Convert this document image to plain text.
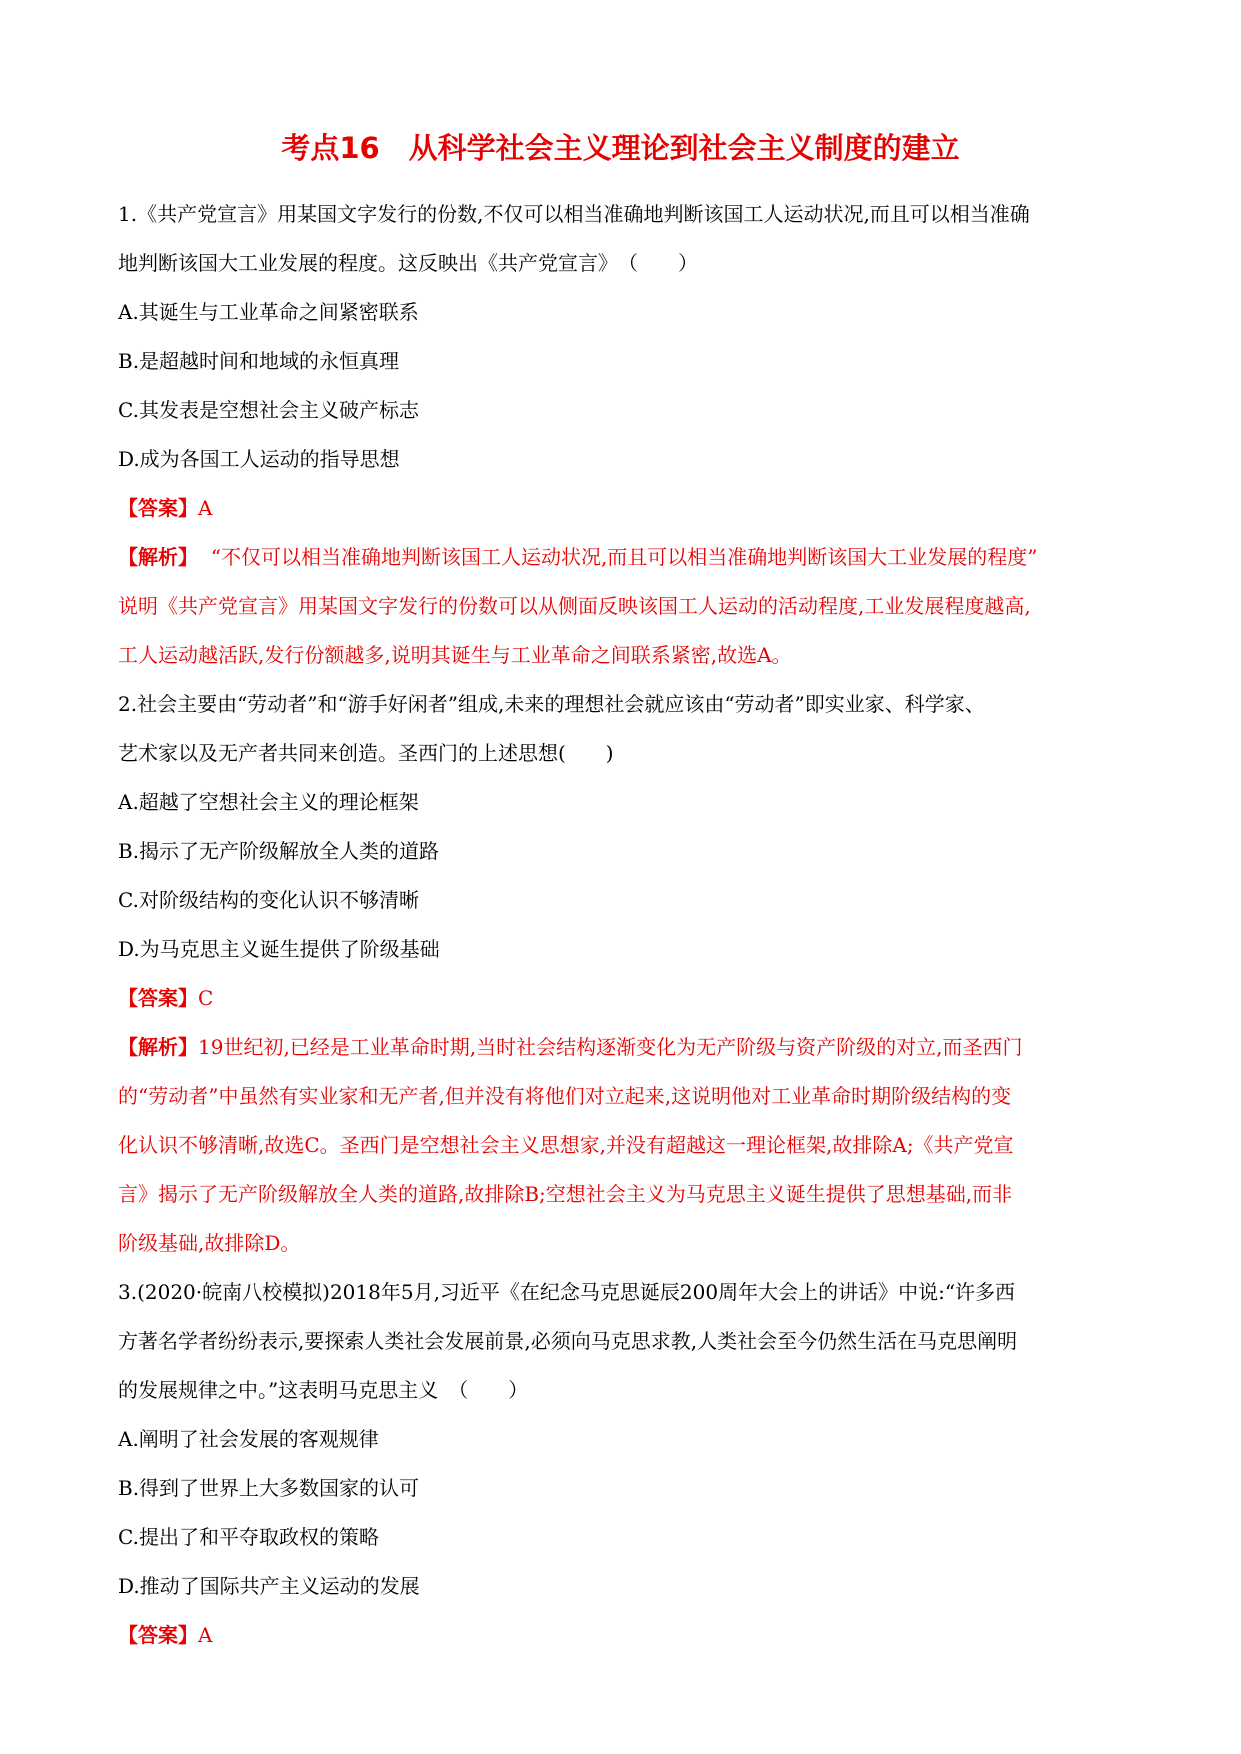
考点16　从科学社会主义理论到社会主义制度的建立
1.《共产党宣言》用某国文字发行的份数,不仅可以相当准确地判断该国工人运动状况,而且可以相当准确
地判断该国大工业发展的程度。这反映出《共产党宣言》　（　　）
A.其诞生与工业革命之间紧密联系
B.是超越时间和地域的永恒真理
C.其发表是空想社会主义破产标志
D.成为各国工人运动的指导思想
【答案】A
【解析】  “不仅可以相当准确地判断该国工人运动状况,而且可以相当准确地判断该国大工业发展的程度”
说明《共产党宣言》用某国文字发行的份数可以从侧面反映该国工人运动的活动程度,工业发展程度越高,
工人运动越活跃,发行份额越多,说明其诞生与工业革命之间联系紧密,故选A。
2.社会主要由“劳动者”和“游手好闲者”组成,未来的理想社会就应该由“劳动者”即实业家、科学家、
艺术家以及无产者共同来创造。圣西门的上述思想(　　)
A.超越了空想社会主义的理论框架
B.揭示了无产阶级解放全人类的道路
C.对阶级结构的变化认识不够清晰
D.为马克思主义诞生提供了阶级基础
【答案】C
【解析】19世纪初,已经是工业革命时期,当时社会结构逐渐变化为无产阶级与资产阶级的对立,而圣西门
的“劳动者”中虽然有实业家和无产者,但并没有将他们对立起来,这说明他对工业革命时期阶级结构的变
化认识不够清晰,故选C。圣西门是空想社会主义思想家,并没有超越这一理论框架,故排除A;《共产党宣
言》揭示了无产阶级解放全人类的道路,故排除B;空想社会主义为马克思主义诞生提供了思想基础,而非
阶级基础,故排除D。
3.(2020·皖南八校模拟)2018年5月,习近平《在纪念马克思诞辰200周年大会上的讲话》中说:“许多西
方著名学者纷纷表示,要探索人类社会发展前景,必须向马克思求教,人类社会至今仍然生活在马克思阐明
的发展规律之中。”这表明马克思主义　（　　）
A.阐明了社会发展的客观规律
B.得到了世界上大多数国家的认可
C.提出了和平夺取政权的策略
D.推动了国际共产主义运动的发展
【答案】A
